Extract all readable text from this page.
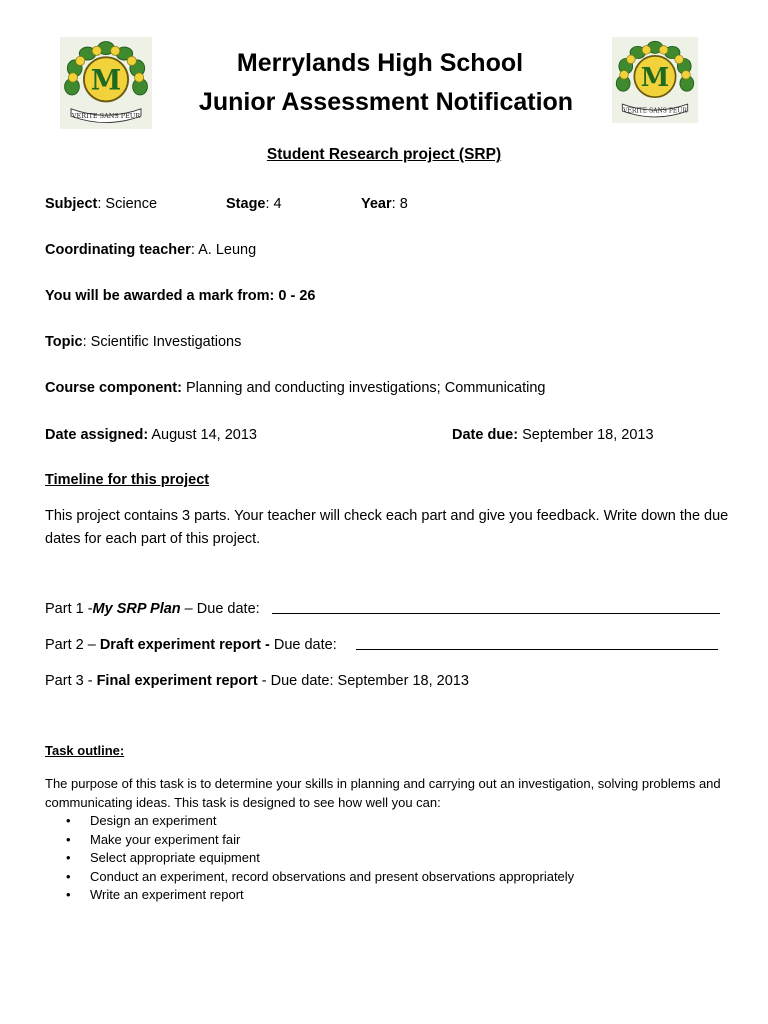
M
VERITE SANS PEUR
M
VERITE SANS PEUR
Merrylands High School
Junior Assessment Notification
Student Research project (SRP)
Subject: Science	Stage: 4	Year: 8
Coordinating teacher: A. Leung
You will be awarded a mark from: 0 - 26
Topic: Scientific Investigations
Course component: Planning and conducting investigations; Communicating
Date assigned: August 14, 2013	Date due: September 18, 2013
Timeline for this project
This project contains 3 parts. Your teacher will check each part and give you feedback. Write down the due dates for each part of this project.
Part 1 -My SRP Plan – Due date:
Part 2 – Draft experiment report - Due date:
Part 3 - Final experiment report - Due date: September 18, 2013
Task outline:
The purpose of this task is to determine your skills in planning and carrying out an investigation, solving problems and communicating ideas. This task is designed to see how well you can:
• Design an experiment
• Make your experiment fair
• Select appropriate equipment
• Conduct an experiment, record observations and present observations appropriately
• Write an experiment report
